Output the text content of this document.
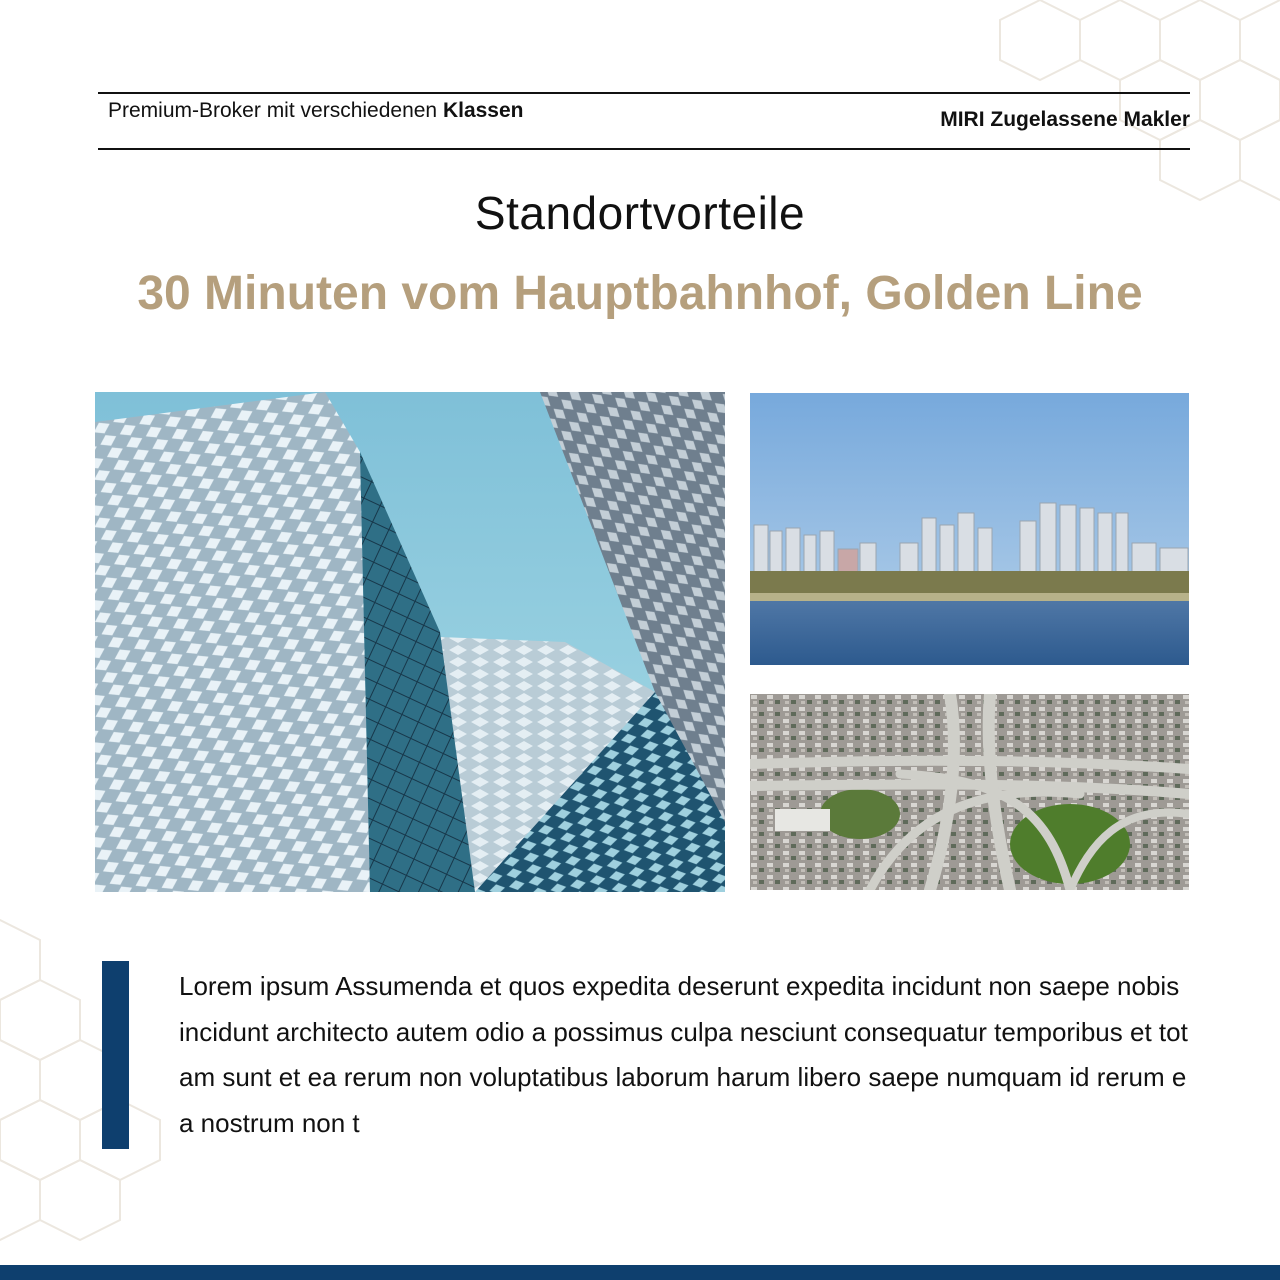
Premium-Broker mit verschiedenen Klassen	MIRI Zugelassene Makler
Standortvorteile
30 Minuten vom Hauptbahnhof, Golden Line
Lorem ipsum Assumenda et quos expedita deserunt expedita incidunt non saepe nobis incidunt architecto autem odio a possimus culpa nesciunt consequatur temporibus et totam sunt et ea rerum non voluptatibus laborum harum libero saepe numquam id rerum ea nostrum non t
